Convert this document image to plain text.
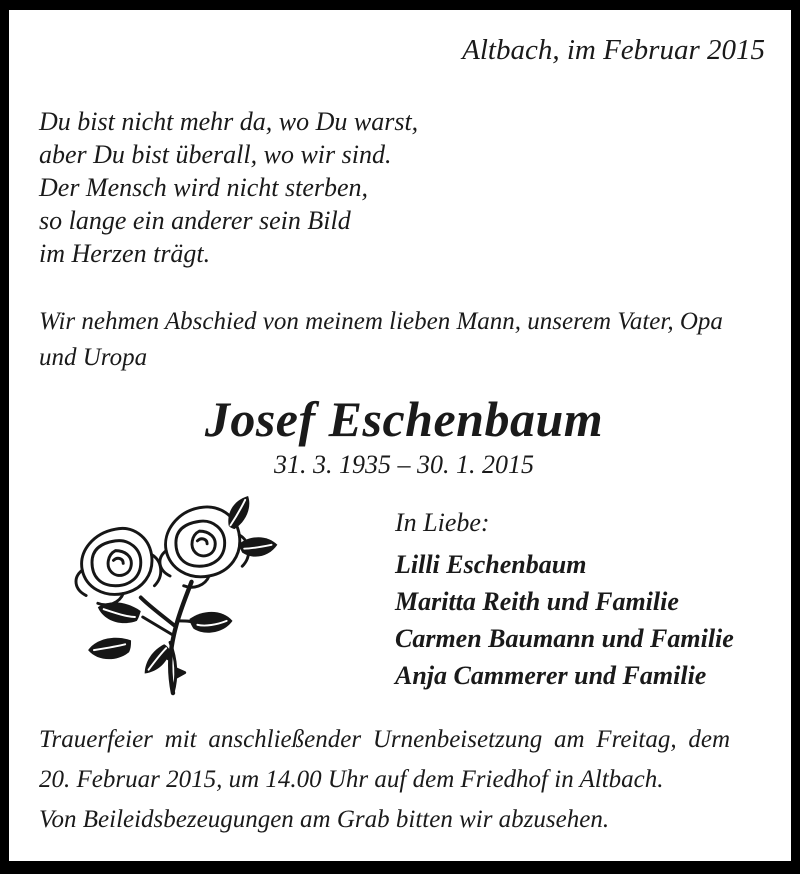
Altbach, im Februar 2015
Du bist nicht mehr da, wo Du warst,
aber Du bist überall, wo wir sind.
Der Mensch wird nicht sterben,
so lange ein anderer sein Bild
im Herzen trägt.
Wir nehmen Abschied von meinem lieben Mann, unserem Vater, Opa
und Uropa
Josef Eschenbaum
31. 3. 1935 – 30. 1. 2015
In Liebe:
Lilli Eschenbaum
Maritta Reith und Familie
Carmen Baumann und Familie
Anja Cammerer und Familie
Trauerfeier mit anschließender Urnenbeisetzung am Freitag, dem
20. Februar 2015, um 14.00 Uhr auf dem Friedhof in Altbach.
Von Beileidsbezeugungen am Grab bitten wir abzusehen.
